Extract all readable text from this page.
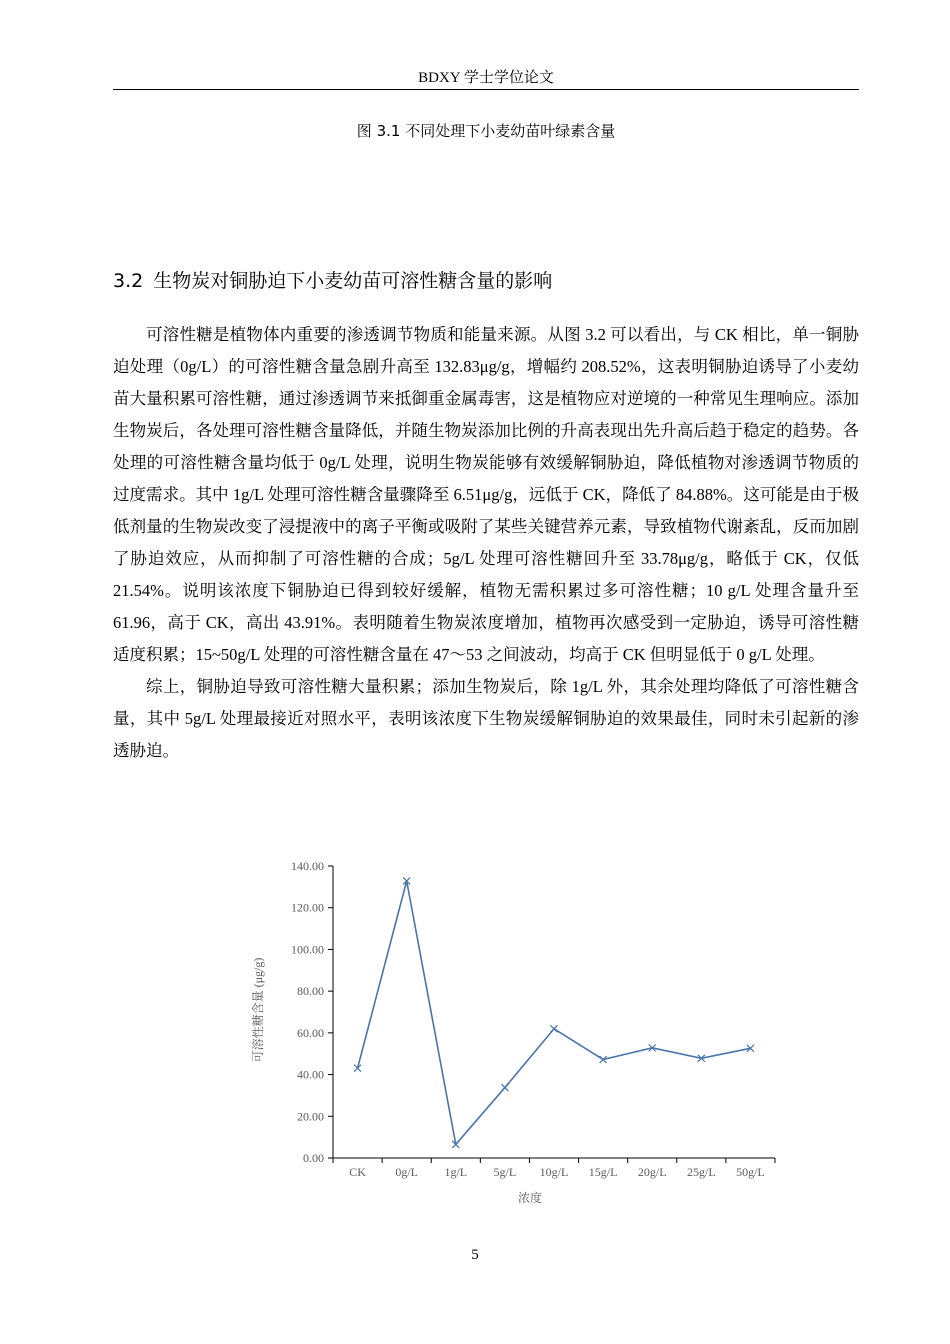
BDXY 学士学位论文
图 3.1 不同处理下小麦幼苗叶绿素含量
3.2 生物炭对铜胁迫下小麦幼苗可溶性糖含量的影响

可溶性糖是植物体内重要的渗透调节物质和能量来源。从图 3.2 可以看出，与 CK 相比，单一铜胁迫处理（0g/L）的可溶性糖含量急剧升高至 132.83μg/g，增幅约 208.52%，这表明铜胁迫诱导了小麦幼苗大量积累可溶性糖，通过渗透调节来抵御重金属毒害，这是植物应对逆境的一种常见生理响应。添加生物炭后，各处理可溶性糖含量降低，并随生物炭添加比例的升高表现出先升高后趋于稳定的趋势。各处理的可溶性糖含量均低于 0g/L 处理，说明生物炭能够有效缓解铜胁迫，降低植物对渗透调节物质的过度需求。其中 1g/L 处理可溶性糖含量骤降至 6.51μg/g，远低于 CK，降低了 84.88%。这可能是由于极低剂量的生物炭改变了浸提液中的离子平衡或吸附了某些关键营养元素，导致植物代谢紊乱，反而加剧了胁迫效应，从而抑制了可溶性糖的合成；5g/L 处理可溶性糖回升至 33.78μg/g，略低于 CK，仅低 21.54%。说明该浓度下铜胁迫已得到较好缓解，植物无需积累过多可溶性糖；10 g/L 处理含量升至 61.96，高于 CK，高出 43.91%。表明随着生物炭浓度增加，植物再次感受到一定胁迫，诱导可溶性糖适度积累；15~50g/L 处理的可溶性糖含量在 47～53 之间波动，均高于 CK 但明显低于 0 g/L 处理。

综上，铜胁迫导致可溶性糖大量积累；添加生物炭后，除 1g/L 外，其余处理均降低了可溶性糖含量，其中 5g/L 处理最接近对照水平，表明该浓度下生物炭缓解铜胁迫的效果最佳，同时未引起新的渗透胁迫。

0.00
20.00
40.00
60.00
80.00
100.00
120.00
140.00
CK 0g/L 1g/L 5g/L 10g/L 15g/L 20g/L 25g/L 50g/L
可溶性糖含量 (μg/g)
浓度
5
